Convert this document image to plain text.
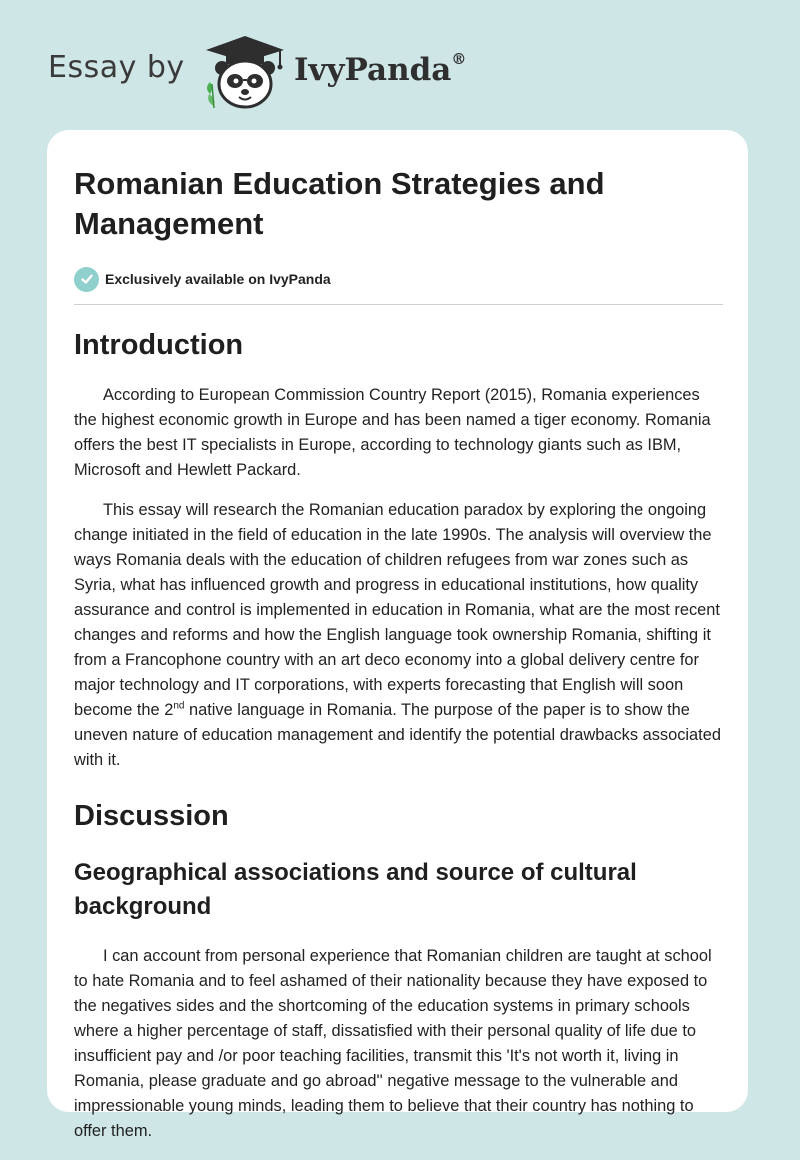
Essay by	IvyPanda®
Romanian Education Strategies and Management
Exclusively available on IvyPanda
Introduction

According to European Commission Country Report (2015), Romania experiences the highest economic growth in Europe and has been named a tiger economy. Romania offers the best IT specialists in Europe, according to technology giants such as IBM, Microsoft and Hewlett Packard.

This essay will research the Romanian education paradox by exploring the ongoing change initiated in the field of education in the late 1990s. The analysis will overview the ways Romania deals with the education of children refugees from war zones such as Syria, what has influenced growth and progress in educational institutions, how quality assurance and control is implemented in education in Romania, what are the most recent changes and reforms and how the English language took ownership Romania, shifting it from a Francophone country with an art deco economy into a global delivery centre for major technology and IT corporations, with experts forecasting that English will soon become the 2nd native language in Romania. The purpose of the paper is to show the uneven nature of education management and identify the potential drawbacks associated with it.

Discussion
Geographical associations and source of cultural background

I can account from personal experience that Romanian children are taught at school to hate Romania and to feel ashamed of their nationality because they have exposed to the negatives sides and the shortcoming of the education systems in primary schools where a higher percentage of staff, dissatisfied with their personal quality of life due to insufficient pay and /or poor teaching facilities, transmit this 'It's not worth it, living in Romania, please graduate and go abroad'' negative message to the vulnerable and impressionable young minds, leading them to believe that their country has nothing to offer them.
